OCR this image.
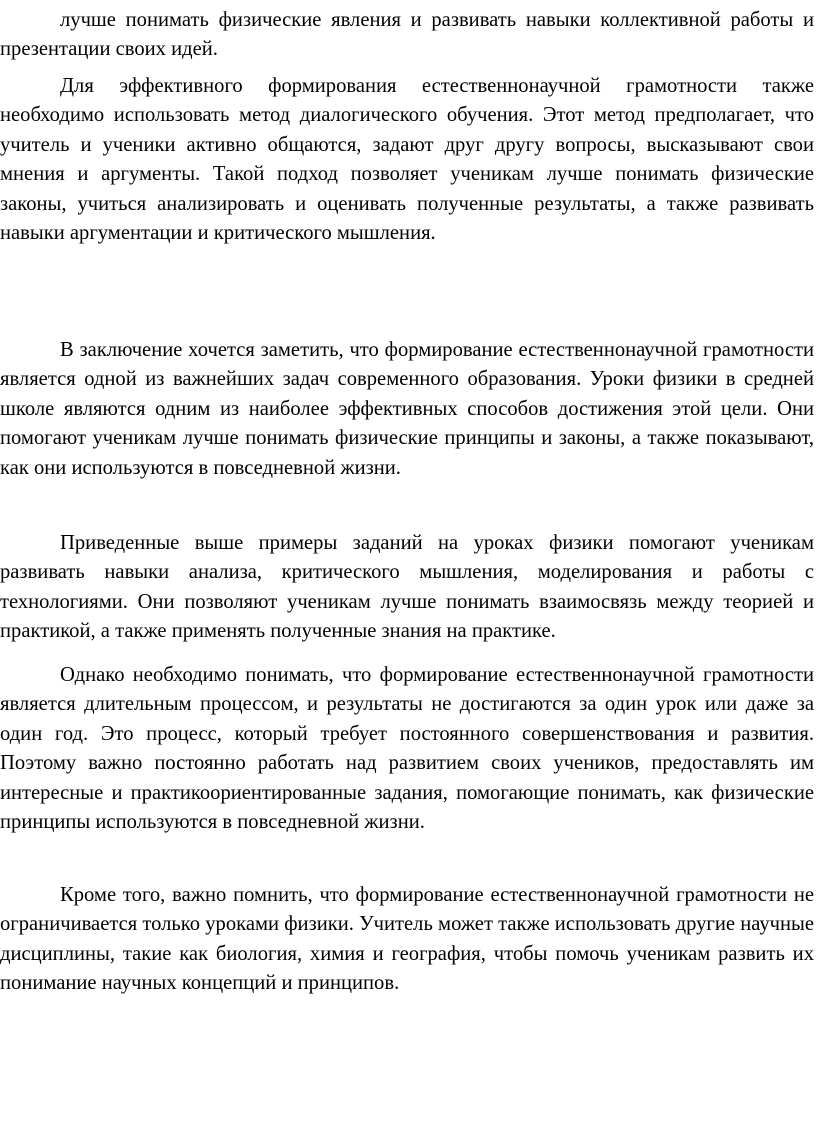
лучше понимать физические явления и развивать навыки коллективной работы и презентации своих идей.

Для эффективного формирования естественнонаучной грамотности также необходимо использовать метод диалогического обучения. Этот метод предполагает, что учитель и ученики активно общаются, задают друг другу вопросы, высказывают свои мнения и аргументы. Такой подход позволяет ученикам лучше понимать физические законы, учиться анализировать и оценивать полученные результаты, а также развивать навыки аргументации и критического мышления.

В заключение хочется заметить, что формирование естественнонаучной грамотности является одной из важнейших задач современного образования. Уроки физики в средней школе являются одним из наиболее эффективных способов достижения этой цели. Они помогают ученикам лучше понимать физические принципы и законы, а также показывают, как они используются в повседневной жизни.

Приведенные выше примеры заданий на уроках физики помогают ученикам развивать навыки анализа, критического мышления, моделирования и работы с технологиями. Они позволяют ученикам лучше понимать взаимосвязь между теорией и практикой, а также применять полученные знания на практике.

Однако необходимо понимать, что формирование естественнонаучной грамотности является длительным процессом, и результаты не достигаются за один урок или даже за один год. Это процесс, который требует постоянного совершенствования и развития. Поэтому важно постоянно работать над развитием своих учеников, предоставлять им интересные и практикоориентированные задания, помогающие понимать, как физические принципы используются в повседневной жизни.

Кроме того, важно помнить, что формирование естественнонаучной грамотности не ограничивается только уроками физики. Учитель может также использовать другие научные дисциплины, такие как биология, химия и география, чтобы помочь ученикам развить их понимание научных концепций и принципов.
